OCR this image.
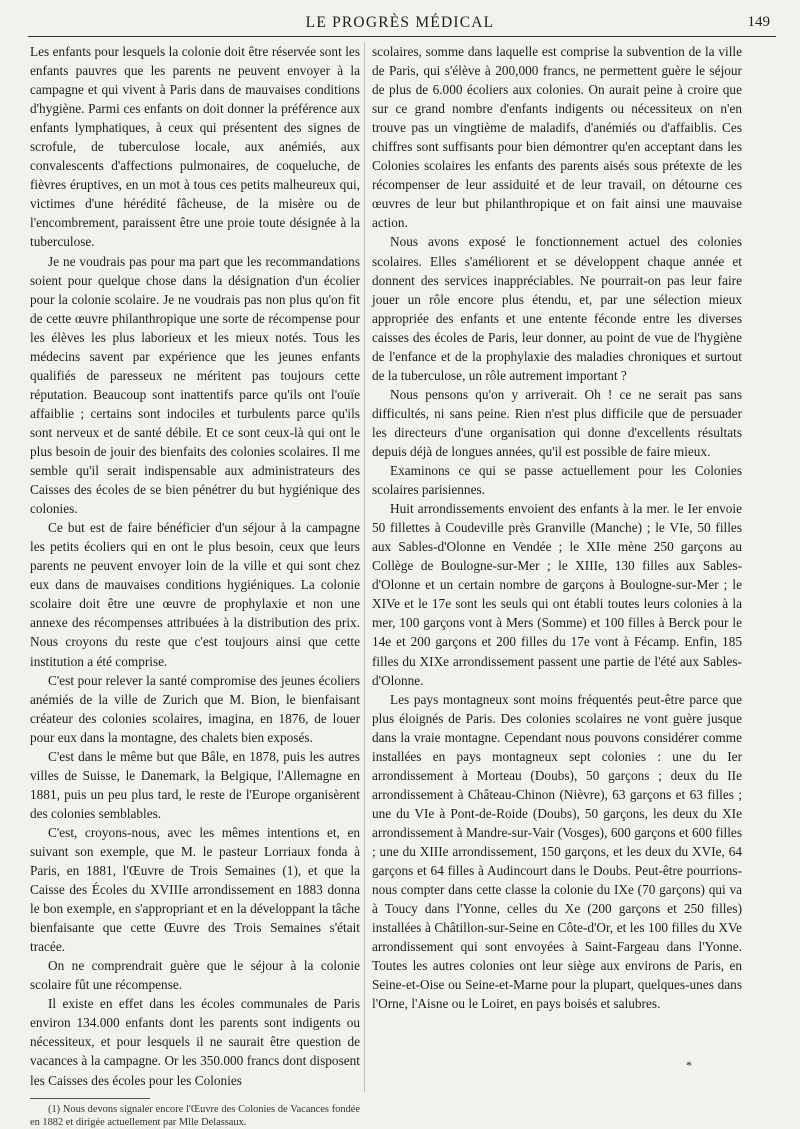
LE PROGRÈS MÉDICAL	149

Les enfants pour lesquels la colonie doit être réservée sont les enfants pauvres que les parents ne peuvent envoyer à la campagne et qui vivent à Paris dans de mauvaises conditions d'hygiène. Parmi ces enfants on doit donner la préférence aux enfants lymphatiques, à ceux qui présentent des signes de scrofule, de tuberculose locale, aux anémiés, aux convalescents d'affections pulmonaires, de coqueluche, de fièvres éruptives, en un mot à tous ces petits malheureux qui, victimes d'une hérédité fâcheuse, de la misère ou de l'encombrement, paraissent être une proie toute désignée à la tuberculose.

Je ne voudrais pas pour ma part que les recommandations soient pour quelque chose dans la désignation d'un écolier pour la colonie scolaire. Je ne voudrais pas non plus qu'on fit de cette œuvre philanthropique une sorte de récompense pour les élèves les plus laborieux et les mieux notés. Tous les médecins savent par expérience que les jeunes enfants qualifiés de paresseux ne méritent pas toujours cette réputation. Beaucoup sont inattentifs parce qu'ils ont l'ouïe affaiblie ; certains sont indociles et turbulents parce qu'ils sont nerveux et de santé débile. Et ce sont ceux-là qui ont le plus besoin de jouir des bienfaits des colonies scolaires. Il me semble qu'il serait indispensable aux administrateurs des Caisses des écoles de se bien pénétrer du but hygiénique des colonies.

Ce but est de faire bénéficier d'un séjour à la campagne les petits écoliers qui en ont le plus besoin, ceux que leurs parents ne peuvent envoyer loin de la ville et qui sont chez eux dans de mauvaises conditions hygiéniques. La colonie scolaire doit être une œuvre de prophylaxie et non une annexe des récompenses attribuées à la distribution des prix. Nous croyons du reste que c'est toujours ainsi que cette institution a été comprise.

C'est pour relever la santé compromise des jeunes écoliers anémiés de la ville de Zurich que M. Bion, le bienfaisant créateur des colonies scolaires, imagina, en 1876, de louer pour eux dans la montagne, des chalets bien exposés.

C'est dans le même but que Bâle, en 1878, puis les autres villes de Suisse, le Danemark, la Belgique, l'Allemagne en 1881, puis un peu plus tard, le reste de l'Europe organisèrent des colonies semblables.

C'est, croyons-nous, avec les mêmes intentions et, en suivant son exemple, que M. le pasteur Lorriaux fonda à Paris, en 1881, l'Œuvre de Trois Semaines (1), et que la Caisse des Écoles du XVIIIe arrondissement en 1883 donna le bon exemple, en s'appropriant et en la développant la tâche bienfaisante que cette Œuvre des Trois Semaines s'était tracée.

On ne comprendrait guère que le séjour à la colonie scolaire fût une récompense.

Il existe en effet dans les écoles communales de Paris environ 134.000 enfants dont les parents sont indigents ou nécessiteux, et pour lesquels il ne saurait être question de vacances à la campagne. Or les 350.000 francs dont disposent les Caisses des écoles pour les Colonies

(1) Nous devons signaler encore l'Œuvre des Colonies de Vacances fondée en 1882 et dirigée actuellement par Mlle Delassaux.

scolaires, somme dans laquelle est comprise la subvention de la ville de Paris, qui s'élève à 200,000 francs, ne permettent guère le séjour de plus de 6.000 écoliers aux colonies. On aurait peine à croire que sur ce grand nombre d'enfants indigents ou nécessiteux on n'en trouve pas un vingtième de maladifs, d'anémiés ou d'affaiblis. Ces chiffres sont suffisants pour bien démontrer qu'en acceptant dans les Colonies scolaires les enfants des parents aisés sous prétexte de les récompenser de leur assiduité et de leur travail, on détourne ces œuvres de leur but philanthropique et on fait ainsi une mauvaise action.

Nous avons exposé le fonctionnement actuel des colonies scolaires. Elles s'améliorent et se développent chaque année et donnent des services inappréciables. Ne pourrait-on pas leur faire jouer un rôle encore plus étendu, et, par une sélection mieux appropriée des enfants et une entente féconde entre les diverses caisses des écoles de Paris, leur donner, au point de vue de l'hygiène de l'enfance et de la prophylaxie des maladies chroniques et surtout de la tuberculose, un rôle autrement important ?

Nous pensons qu'on y arriverait. Oh ! ce ne serait pas sans difficultés, ni sans peine. Rien n'est plus difficile que de persuader les directeurs d'une organisation qui donne d'excellents résultats depuis déjà de longues années, qu'il est possible de faire mieux.

Examinons ce qui se passe actuellement pour les Colonies scolaires parisiennes.

Huit arrondissements envoient des enfants à la mer. le Ier envoie 50 fillettes à Coudeville près Granville (Manche) ; le VIe, 50 filles aux Sables-d'Olonne en Vendée ; le XIIe mène 250 garçons au Collège de Boulogne-sur-Mer ; le XIIIe, 130 filles aux Sables-d'Olonne et un certain nombre de garçons à Boulogne-sur-Mer ; le XIVe et le 17e sont les seuls qui ont établi toutes leurs colonies à la mer, 100 garçons vont à Mers (Somme) et 100 filles à Berck pour le 14e et 200 garçons et 200 filles du 17e vont à Fécamp. Enfin, 185 filles du XIXe arrondissement passent une partie de l'été aux Sables-d'Olonne.

Les pays montagneux sont moins fréquentés peut-être parce que plus éloignés de Paris. Des colonies scolaires ne vont guère jusque dans la vraie montagne. Cependant nous pouvons considérer comme installées en pays montagneux sept colonies : une du Ier arrondissement à Morteau (Doubs), 50 garçons ; deux du IIe arrondissement à Château-Chinon (Nièvre), 63 garçons et 63 filles ; une du VIe à Pont-de-Roide (Doubs), 50 garçons, les deux du XIe arrondissement à Mandre-sur-Vair (Vosges), 600 garçons et 600 filles ; une du XIIIe arrondissement, 150 garçons, et les deux du XVIe, 64 garçons et 64 filles à Audincourt dans le Doubs. Peut-être pourrions-nous compter dans cette classe la colonie du IXe (70 garçons) qui va à Toucy dans l'Yonne, celles du Xe (200 garçons et 250 filles) installées à Châtillon-sur-Seine en Côte-d'Or, et les 100 filles du XVe arrondissement qui sont envoyées à Saint-Fargeau dans l'Yonne. Toutes les autres colonies ont leur siège aux environs de Paris, en Seine-et-Oise ou Seine-et-Marne pour la plupart, quelques-unes dans l'Orne, l'Aisne ou le Loiret, en pays boisés et salubres.

*
